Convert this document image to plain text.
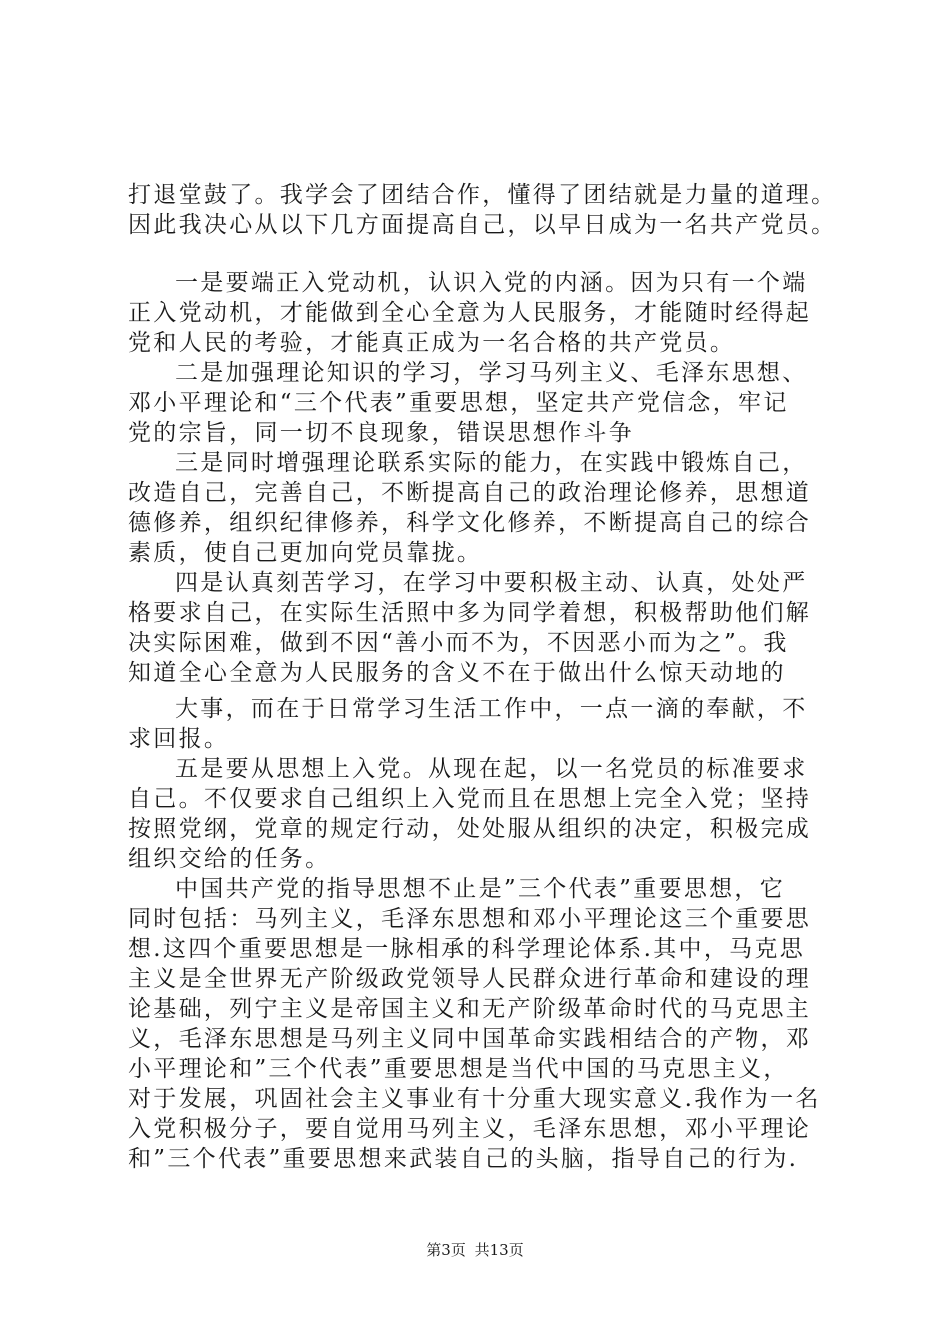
打退堂鼓了。我学会了团结合作，懂得了团结就是力量的道理。
因此我决心从以下几方面提高自己，以早日成为一名共产党员。
一是要端正入党动机，认识入党的内涵。因为只有一个端
正入党动机，才能做到全心全意为人民服务，才能随时经得起
党和人民的考验，才能真正成为一名合格的共产党员。
二是加强理论知识的学习，学习马列主义、毛泽东思想、
邓小平理论和“三个代表”重要思想，坚定共产党信念，牢记
党的宗旨，同一切不良现象，错误思想作斗争
三是同时增强理论联系实际的能力，在实践中锻炼自己，
改造自己，完善自己，不断提高自己的政治理论修养，思想道
德修养，组织纪律修养，科学文化修养，不断提高自己的综合
素质，使自己更加向党员靠拢。
四是认真刻苦学习，在学习中要积极主动、认真，处处严
格要求自己，在实际生活照中多为同学着想，积极帮助他们解
决实际困难，做到不因“善小而不为，不因恶小而为之”。我
知道全心全意为人民服务的含义不在于做出什么惊天动地的
大事，而在于日常学习生活工作中，一点一滴的奉献，不
求回报。
五是要从思想上入党。从现在起，以一名党员的标准要求
自己。不仅要求自己组织上入党而且在思想上完全入党；坚持
按照党纲，党章的规定行动，处处服从组织的决定，积极完成
组织交给的任务。
中国共产党的指导思想不止是”三个代表”重要思想，它
同时包括：马列主义，毛泽东思想和邓小平理论这三个重要思
想.这四个重要思想是一脉相承的科学理论体系.其中，马克思
主义是全世界无产阶级政党领导人民群众进行革命和建设的理
论基础，列宁主义是帝国主义和无产阶级革命时代的马克思主
义，毛泽东思想是马列主义同中国革命实践相结合的产物，邓
小平理论和”三个代表”重要思想是当代中国的马克思主义，
对于发展，巩固社会主义事业有十分重大现实意义.我作为一名
入党积极分子，要自觉用马列主义，毛泽东思想，邓小平理论
和”三个代表”重要思想来武装自己的头脑，指导自己的行为.
第3页 共13页
